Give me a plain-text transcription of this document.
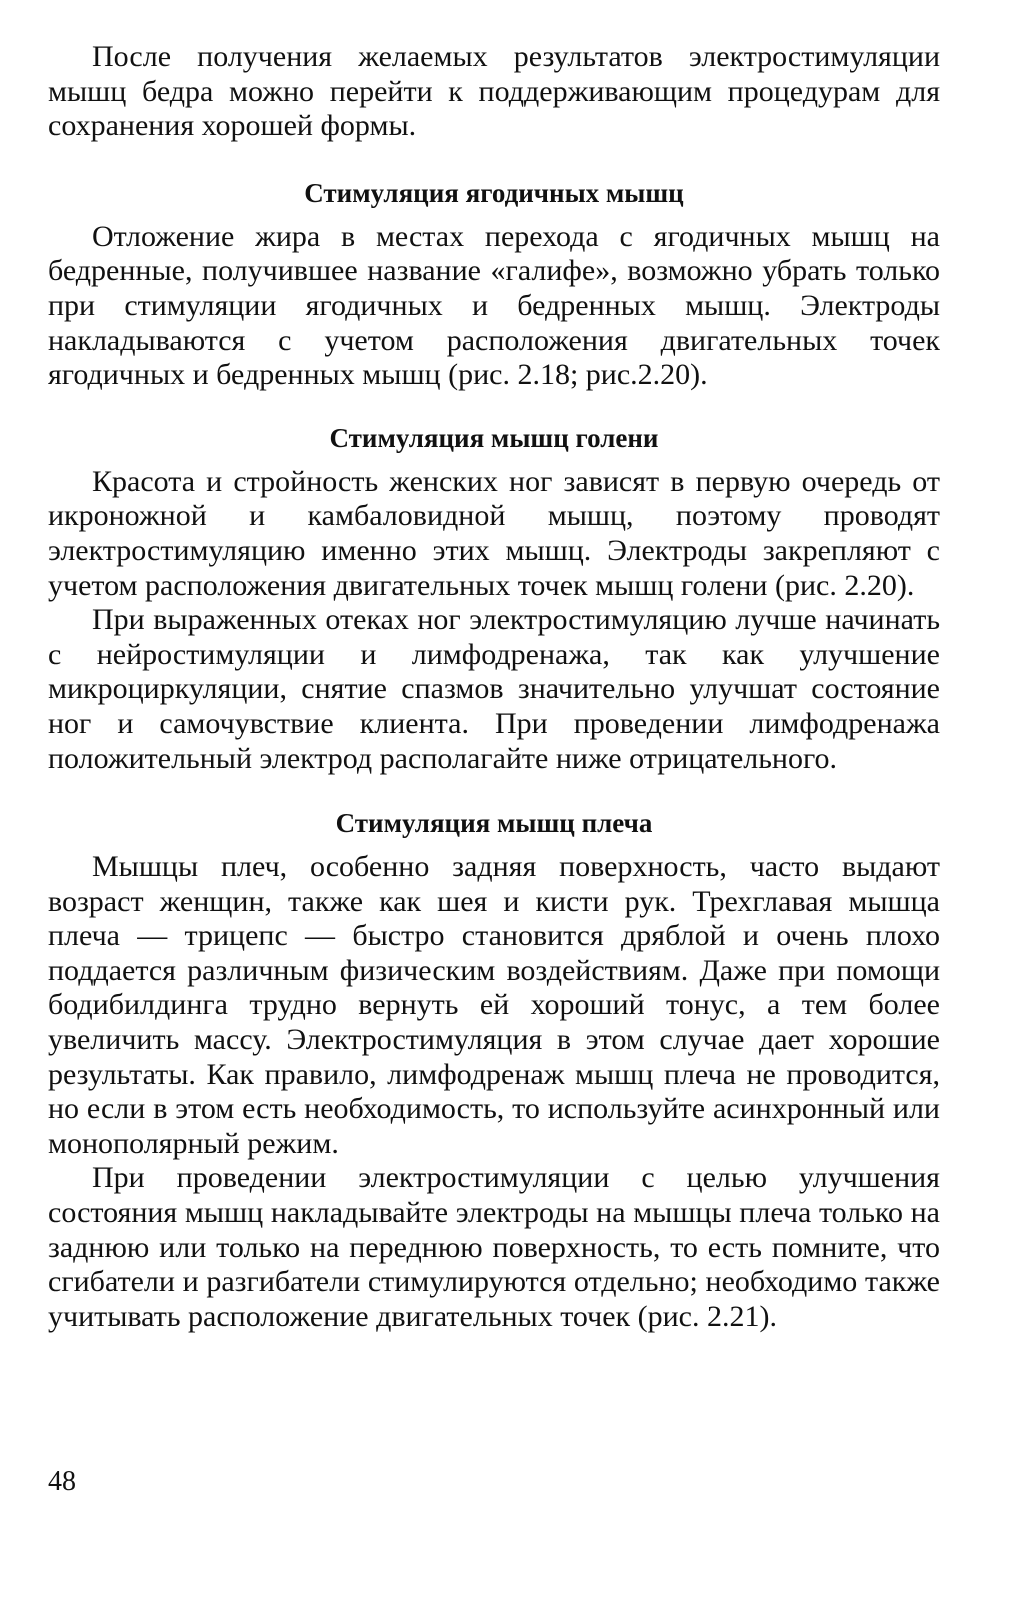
После получения желаемых результатов электростимуляции мышц бедра можно перейти к поддерживающим процедурам для сохранения хорошей формы.

Стимуляция ягодичных мышц

Отложение жира в местах перехода с ягодичных мышц на бедренные, получившее название «галифе», возможно убрать только при стимуляции ягодичных и бедренных мышц. Электроды накладываются с учетом расположения двигательных точек ягодичных и бедренных мышц (рис. 2.18; рис.2.20).

Стимуляция мышц голени

Красота и стройность женских ног зависят в первую очередь от икроножной и камбаловидной мышц, поэтому проводят электростимуляцию именно этих мышц. Электроды закрепляют с учетом расположения двигательных точек мышц голени (рис. 2.20).

При выраженных отеках ног электростимуляцию лучше начинать с нейростимуляции и лимфодренажа, так как улучшение микроциркуляции, снятие спазмов значительно улучшат состояние ног и самочувствие клиента. При проведении лимфодренажа положительный электрод располагайте ниже отрицательного.

Стимуляция мышц плеча

Мышцы плеч, особенно задняя поверхность, часто выдают возраст женщин, также как шея и кисти рук. Трехглавая мышца плеча — трицепс — быстро становится дряблой и очень плохо поддается различным физическим воздействиям. Даже при помощи бодибилдинга трудно вернуть ей хороший тонус, а тем более увеличить массу. Электростимуляция в этом случае дает хорошие результаты. Как правило, лимфодренаж мышц плеча не проводится, но если в этом есть необходимость, то используйте асинхронный или монополярный режим.

При проведении электростимуляции с целью улучшения состояния мышц накладывайте электроды на мышцы плеча только на заднюю или только на переднюю поверхность, то есть помните, что сгибатели и разгибатели стимулируются отдельно; необходимо также учитывать расположение двигательных точек (рис. 2.21).

48
